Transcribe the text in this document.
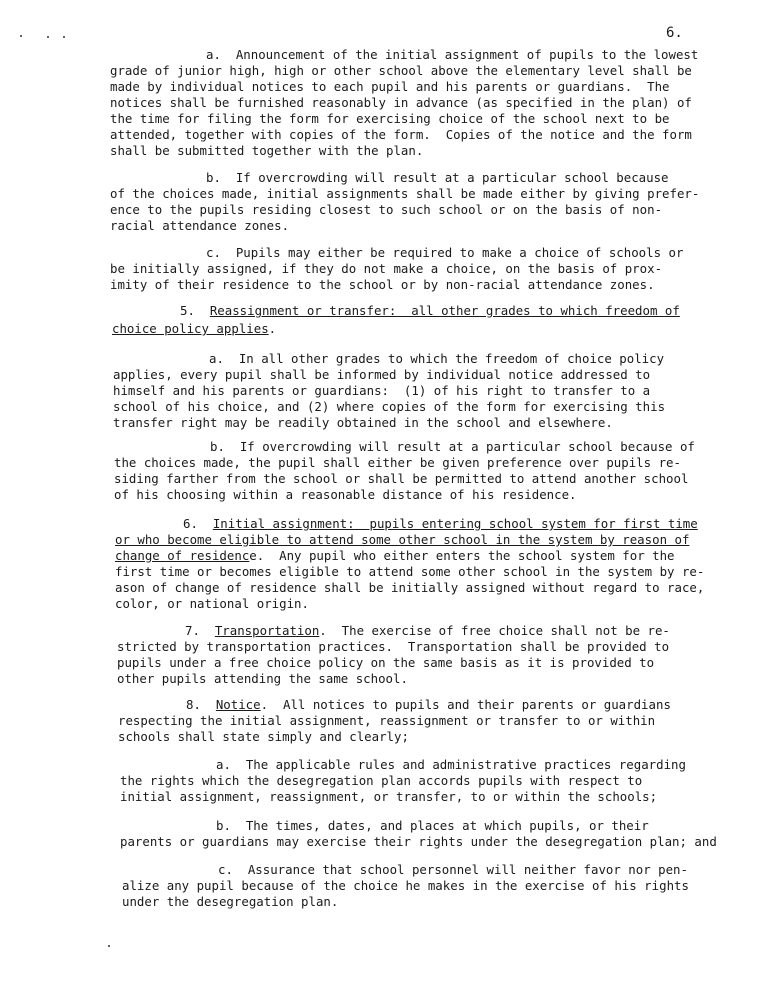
6.
a.  Announcement of the initial assignment of pupils to the lowest
grade of junior high, high or other school above the elementary level shall be
made by individual notices to each pupil and his parents or guardians.  The
notices shall be furnished reasonably in advance (as specified in the plan) of
the time for filing the form for exercising choice of the school next to be
attended, together with copies of the form.  Copies of the notice and the form
shall be submitted together with the plan.
b.  If overcrowding will result at a particular school because
of the choices made, initial assignments shall be made either by giving prefer-
ence to the pupils residing closest to such school or on the basis of non-
racial attendance zones.
c.  Pupils may either be required to make a choice of schools or
be initially assigned, if they do not make a choice, on the basis of prox-
imity of their residence to the school or by non-racial attendance zones.
5.  Reassignment or transfer:  all other grades to which freedom of
choice policy applies.
a.  In all other grades to which the freedom of choice policy
applies, every pupil shall be informed by individual notice addressed to
himself and his parents or guardians:  (1) of his right to transfer to a
school of his choice, and (2) where copies of the form for exercising this
transfer right may be readily obtained in the school and elsewhere.
b.  If overcrowding will result at a particular school because of
the choices made, the pupil shall either be given preference over pupils re-
siding farther from the school or shall be permitted to attend another school
of his choosing within a reasonable distance of his residence.
6.  Initial assignment:  pupils entering school system for first time
or who become eligible to attend some other school in the system by reason of
change of residence.  Any pupil who either enters the school system for the
first time or becomes eligible to attend some other school in the system by re-
ason of change of residence shall be initially assigned without regard to race,
color, or national origin.
7.  Transportation.  The exercise of free choice shall not be re-
stricted by transportation practices.  Transportation shall be provided to
pupils under a free choice policy on the same basis as it is provided to
other pupils attending the same school.
8.  Notice.  All notices to pupils and their parents or guardians
respecting the initial assignment, reassignment or transfer to or within
schools shall state simply and clearly;
a.  The applicable rules and administrative practices regarding
the rights which the desegregation plan accords pupils with respect to
initial assignment, reassignment, or transfer, to or within the schools;
b.  The times, dates, and places at which pupils, or their
parents or guardians may exercise their rights under the desegregation plan; and
c.  Assurance that school personnel will neither favor nor pen-
alize any pupil because of the choice he makes in the exercise of his rights
under the desegregation plan.
